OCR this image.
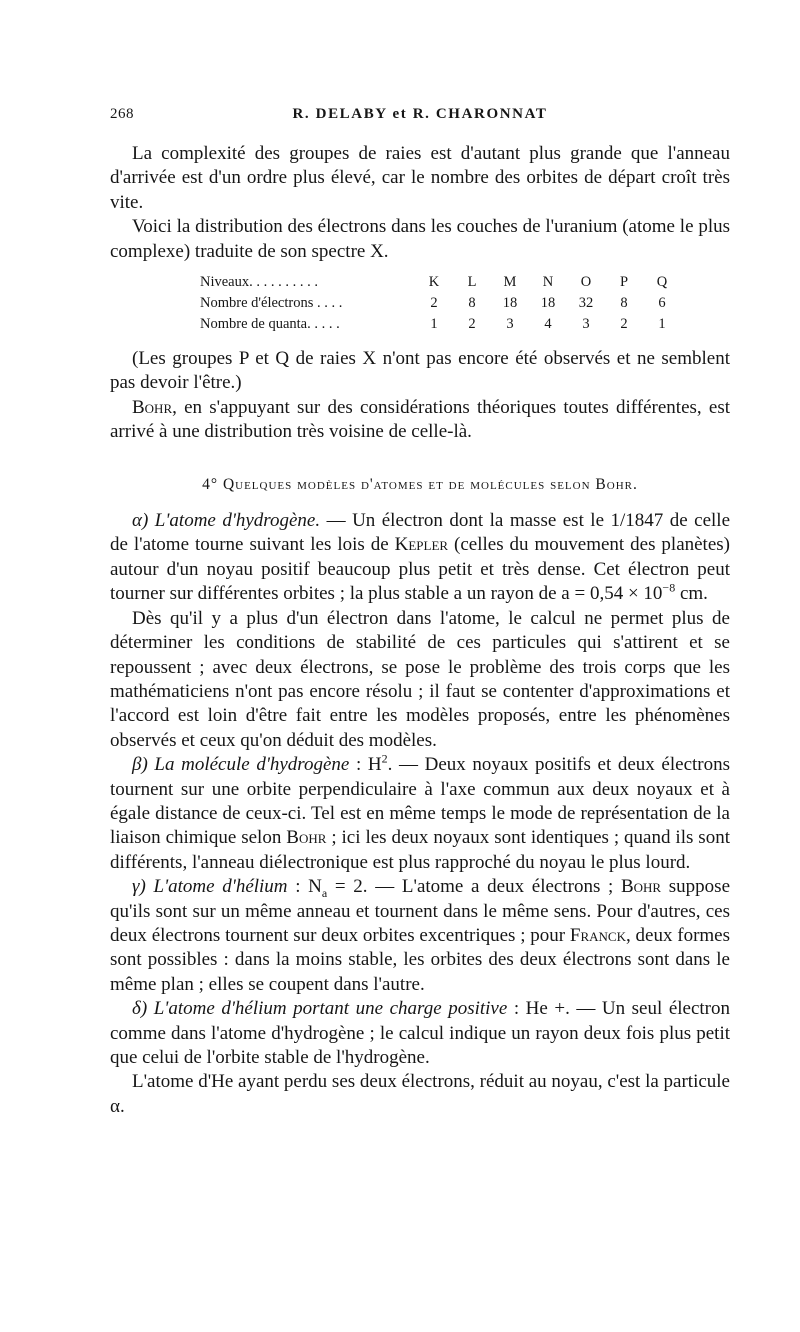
268	R. DELABY et R. CHARONNAT

La complexité des groupes de raies est d'autant plus grande que l'anneau d'arrivée est d'un ordre plus élevé, car le nombre des orbites de départ croît très vite.

Voici la distribution des électrons dans les couches de l'uranium (atome le plus complexe) traduite de son spectre X.

Niveaux. . . . . . . . . .	K	L	M	N	O	P	Q
Nombre d'électrons . . . .	2	8	18	18	32	8	6
Nombre de quanta. . . . .	1	2	3	4	3	2	1

(Les groupes P et Q de raies X n'ont pas encore été observés et ne semblent pas devoir l'être.)

Bohr, en s'appuyant sur des considérations théoriques toutes différentes, est arrivé à une distribution très voisine de celle-là.

4° Quelques modèles d'atomes et de molécules selon Bohr.

α) L'atome d'hydrogène. — Un électron dont la masse est le 1/1847 de celle de l'atome tourne suivant les lois de Kepler (celles du mouvement des planètes) autour d'un noyau positif beaucoup plus petit et très dense. Cet électron peut tourner sur différentes orbites ; la plus stable a un rayon de $a = 0,54 \times 10^{-8}$ cm.

Dès qu'il y a plus d'un électron dans l'atome, le calcul ne permet plus de déterminer les conditions de stabilité de ces particules qui s'attirent et se repoussent ; avec deux électrons, se pose le problème des trois corps que les mathématiciens n'ont pas encore résolu ; il faut se contenter d'approximations et l'accord est loin d'être fait entre les modèles proposés, entre les phénomènes observés et ceux qu'on déduit des modèles.

β) La molécule d'hydrogène : $H^2$. — Deux noyaux positifs et deux électrons tournent sur une orbite perpendiculaire à l'axe commun aux deux noyaux et à égale distance de ceux-ci. Tel est en même temps le mode de représentation de la liaison chimique selon Bohr ; ici les deux noyaux sont identiques ; quand ils sont différents, l'anneau diélectronique est plus rapproché du noyau le plus lourd.

γ) L'atome d'hélium : $N_a = 2$. — L'atome a deux électrons ; Bohr suppose qu'ils sont sur un même anneau et tournent dans le même sens. Pour d'autres, ces deux électrons tournent sur deux orbites excentriques ; pour Franck, deux formes sont possibles : dans la moins stable, les orbites des deux électrons sont dans le même plan ; elles se coupent dans l'autre.

δ) L'atome d'hélium portant une charge positive : He +. — Un seul électron comme dans l'atome d'hydrogène ; le calcul indique un rayon deux fois plus petit que celui de l'orbite stable de l'hydrogène.

L'atome d'He ayant perdu ses deux électrons, réduit au noyau, c'est la particule α.
